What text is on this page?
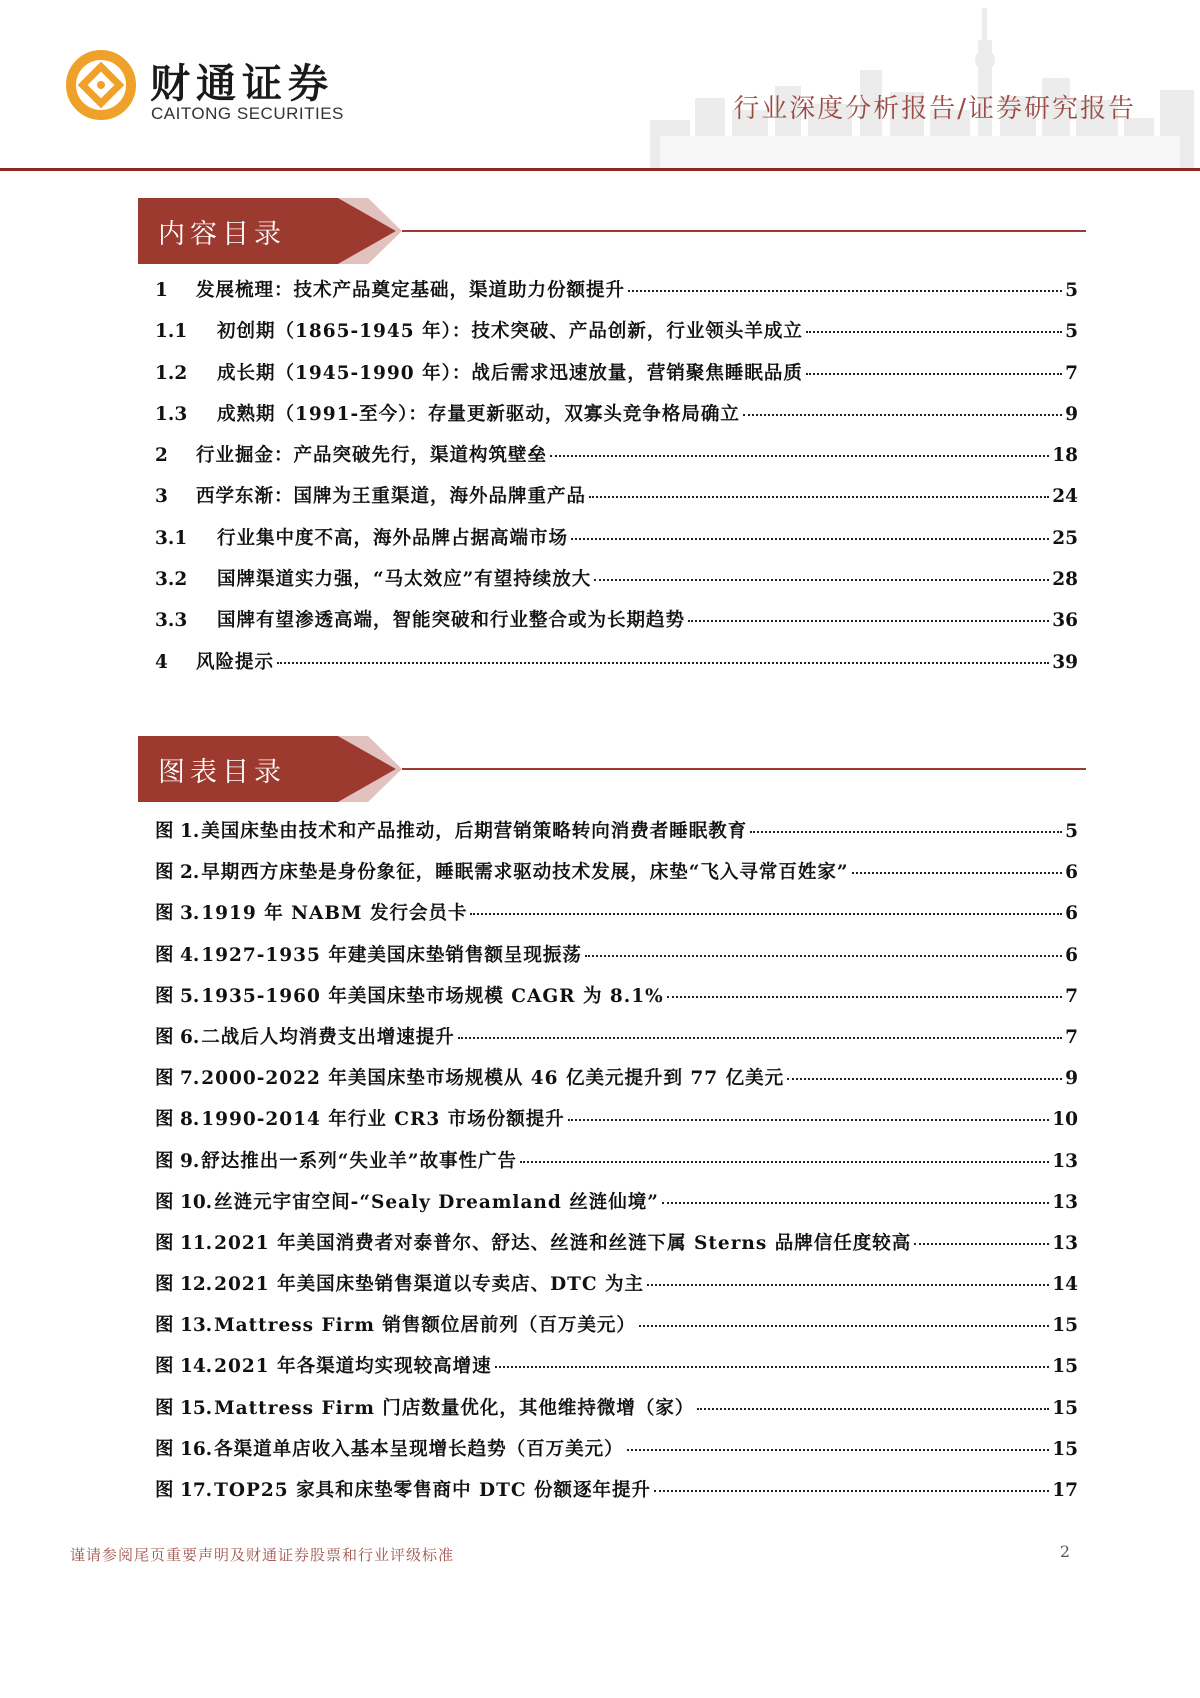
财通证券
CAITONG SECURITIES	行业深度分析报告/证券研究报告
内容目录
1	发展梳理：技术产品奠定基础，渠道助力份额提升	5
1.1	初创期（1865-1945 年）：技术突破、产品创新，行业领头羊成立	5
1.2	成长期（1945-1990 年）：战后需求迅速放量，营销聚焦睡眠品质	7
1.3	成熟期（1991-至今）：存量更新驱动，双寡头竞争格局确立	9
2	行业掘金：产品突破先行，渠道构筑壁垒	18
3	西学东渐：国牌为王重渠道，海外品牌重产品	24
3.1	行业集中度不高，海外品牌占据高端市场	25
3.2	国牌渠道实力强，“马太效应”有望持续放大	28
3.3	国牌有望渗透高端，智能突破和行业整合或为长期趋势	36
4	风险提示	39
图表目录
图 1. 美国床垫由技术和产品推动，后期营销策略转向消费者睡眠教育	5
图 2. 早期西方床垫是身份象征，睡眠需求驱动技术发展，床垫“飞入寻常百姓家”	6
图 3. 1919 年 NABM 发行会员卡	6
图 4. 1927-1935 年建美国床垫销售额呈现振荡	6
图 5. 1935-1960 年美国床垫市场规模 CAGR 为 8.1%	7
图 6. 二战后人均消费支出增速提升	7
图 7. 2000-2022 年美国床垫市场规模从 46 亿美元提升到 77 亿美元	9
图 8. 1990-2014 年行业 CR3 市场份额提升	10
图 9. 舒达推出一系列“失业羊”故事性广告	13
图 10. 丝涟元宇宙空间-“Sealy Dreamland 丝涟仙境”	13
图 11. 2021 年美国消费者对泰普尔、舒达、丝涟和丝涟下属 Sterns 品牌信任度较高	13
图 12. 2021 年美国床垫销售渠道以专卖店、DTC 为主	14
图 13. Mattress Firm 销售额位居前列（百万美元）	15
图 14. 2021 年各渠道均实现较高增速	15
图 15. Mattress Firm 门店数量优化，其他维持微增（家）	15
图 16. 各渠道单店收入基本呈现增长趋势（百万美元）	15
图 17. TOP25 家具和床垫零售商中 DTC 份额逐年提升	17
谨请参阅尾页重要声明及财通证券股票和行业评级标准	2
